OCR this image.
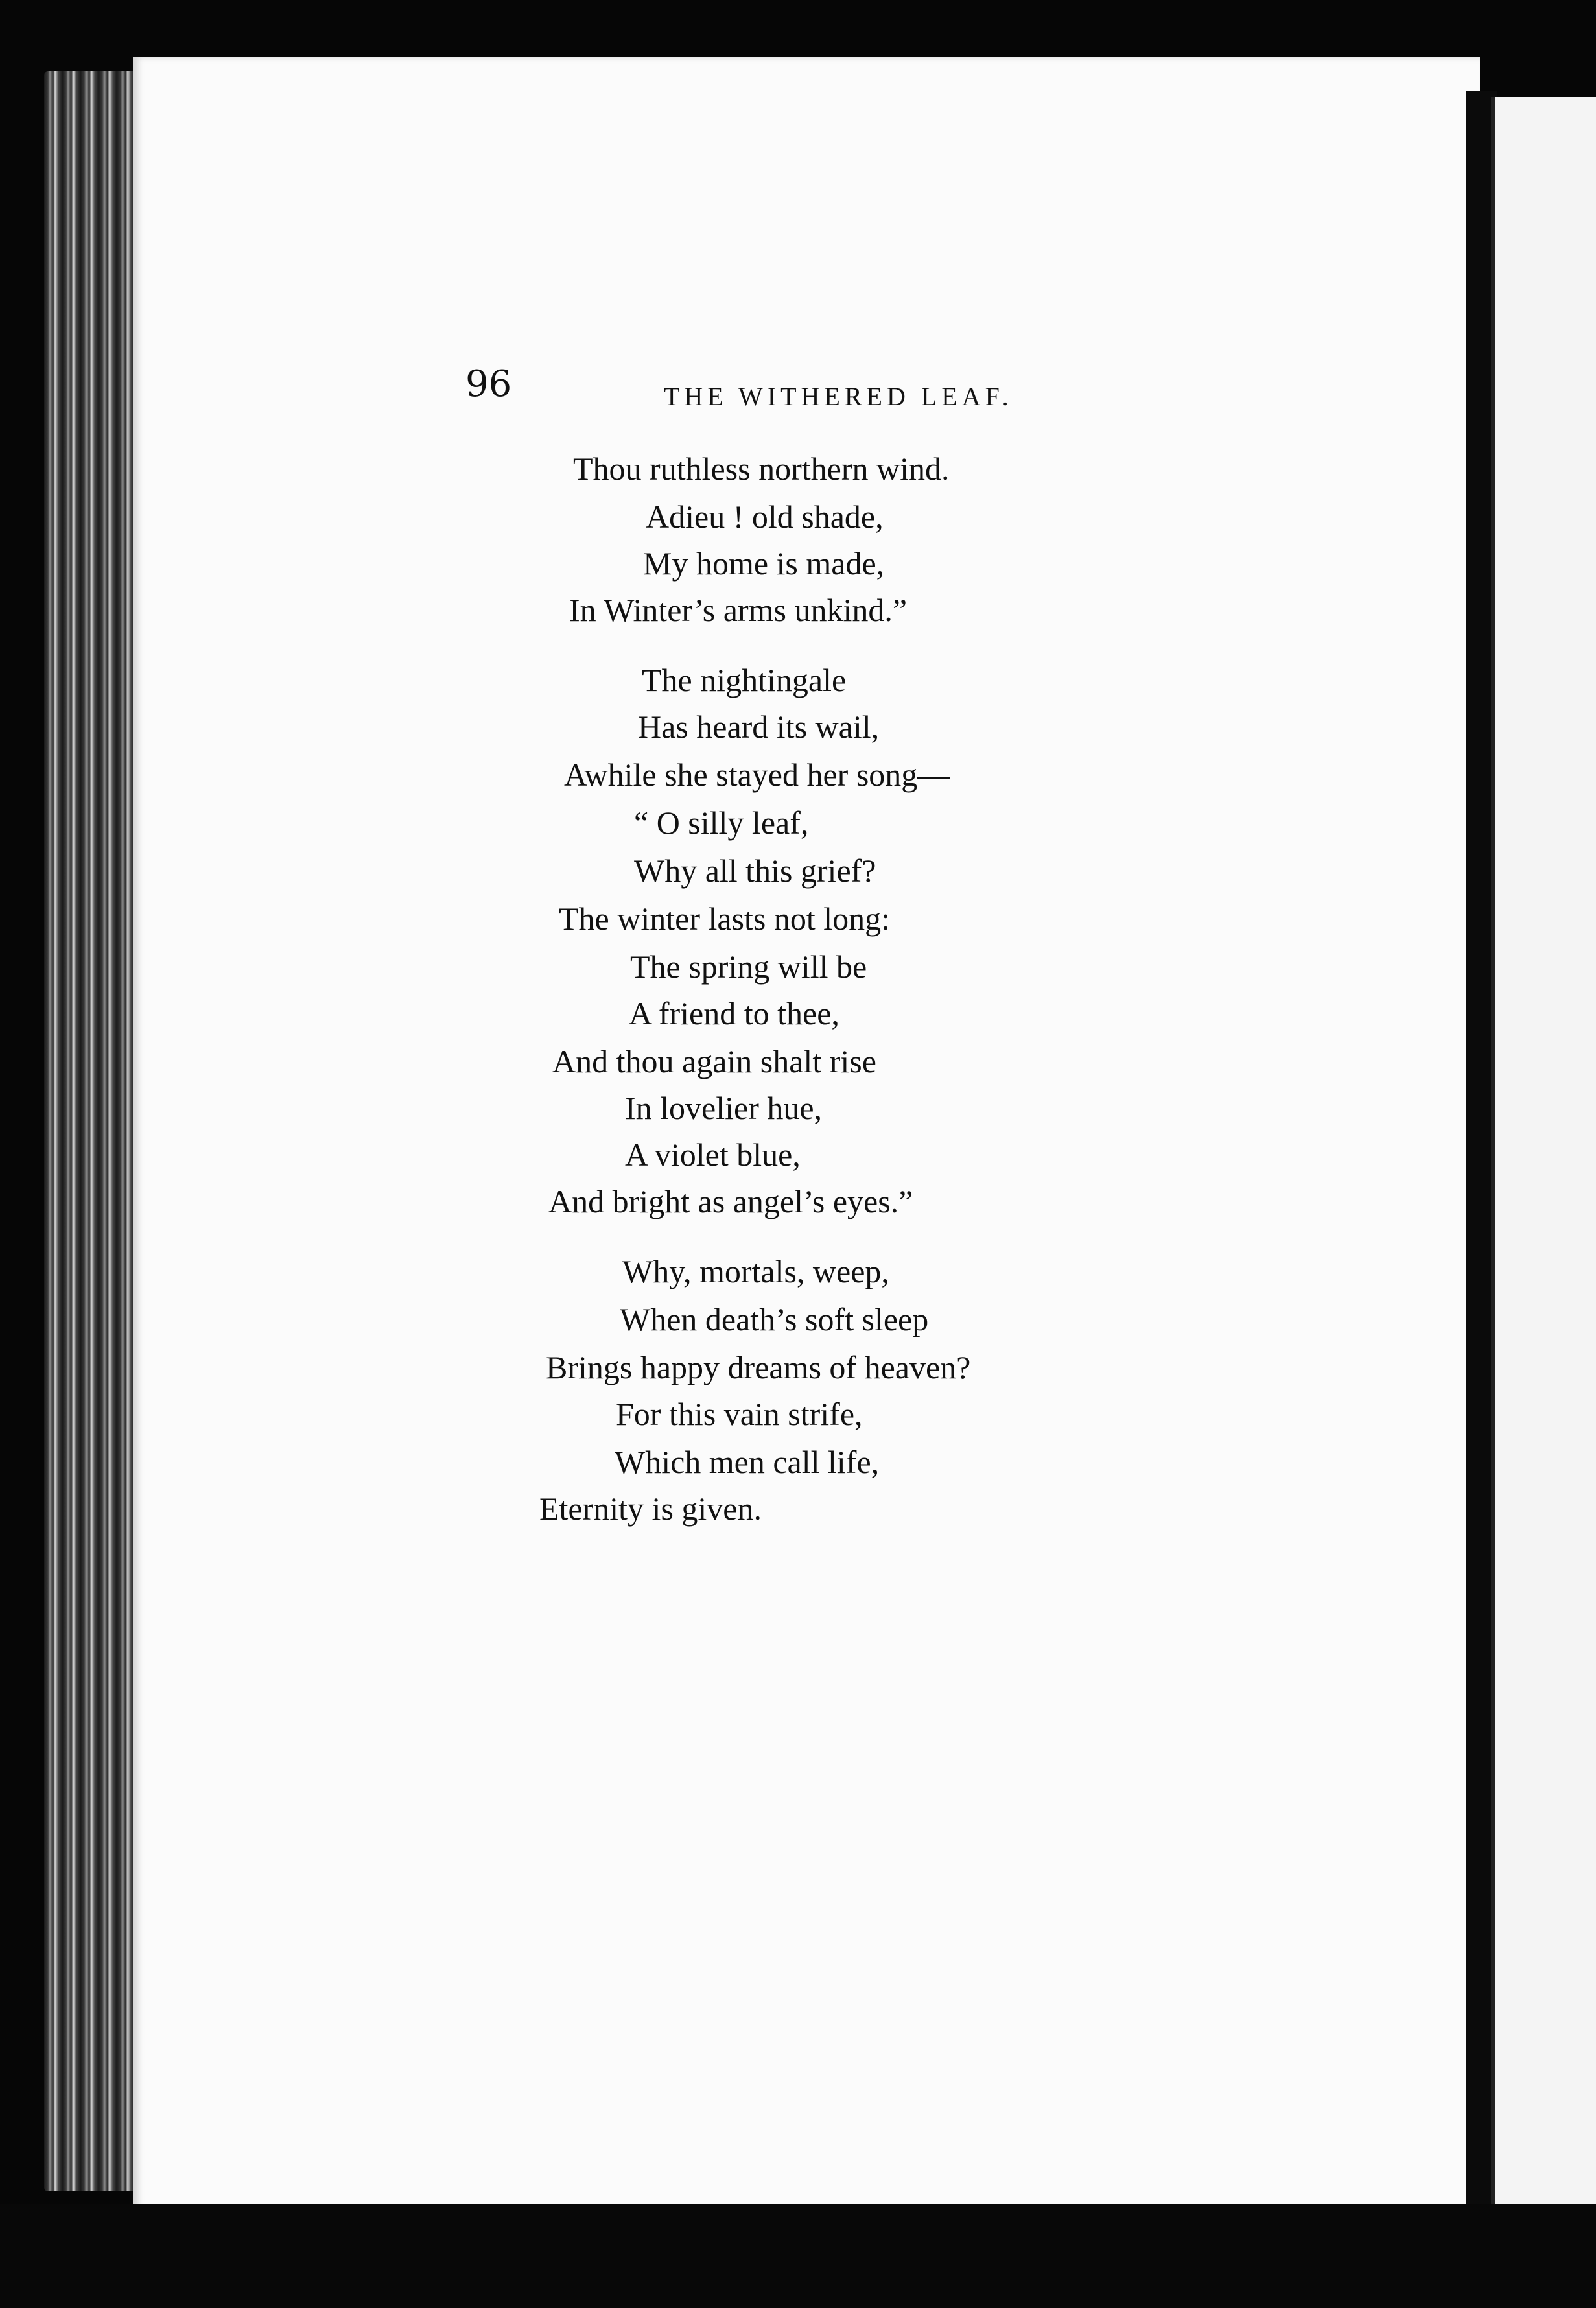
96	THE WITHERED LEAF.

Thou ruthless northern wind.
Adieu ! old shade,
My home is made,
In Winter’s arms unkind.”
The nightingale
Has heard its wail,
Awhile she stayed her song—
“ O silly leaf,
Why all this grief?
The winter lasts not long:
The spring will be
A friend to thee,
And thou again shalt rise
In lovelier hue,
A violet blue,
And bright as angel’s eyes.”
Why, mortals, weep,
When death’s soft sleep
Brings happy dreams of heaven?
For this vain strife,
Which men call life,
Eternity is given.
